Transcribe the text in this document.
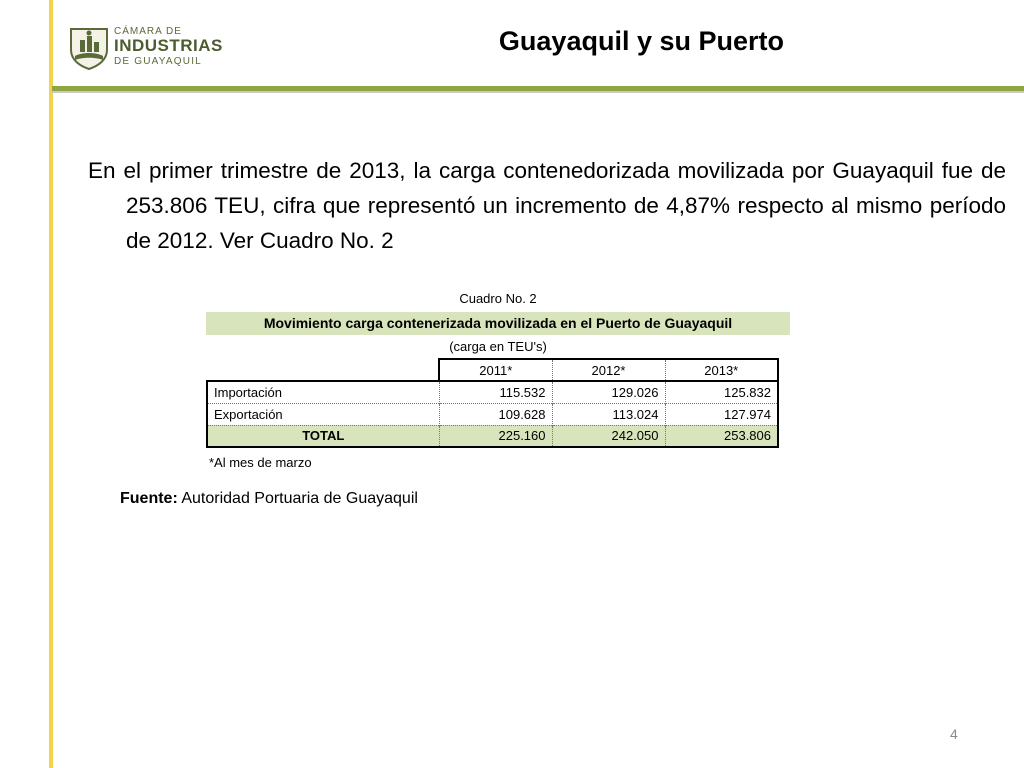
CÁMARA DE
INDUSTRIAS
DE GUAYAQUIL
Guayaquil y su Puerto
En el primer trimestre de 2013, la carga contenedorizada movilizada por Guayaquil fue de 253.806 TEU, cifra que representó un incremento de 4,87% respecto al mismo período de 2012. Ver Cuadro No. 2
Cuadro No. 2
Movimiento carga contenerizada movilizada en el Puerto de Guayaquil
(carga en TEU's)
	2011*	2012*	2013*
Importación	115.532	129.026	125.832
Exportación	109.628	113.024	127.974
TOTAL	225.160	242.050	253.806
*Al mes de marzo
Fuente: Autoridad Portuaria de Guayaquil
4
